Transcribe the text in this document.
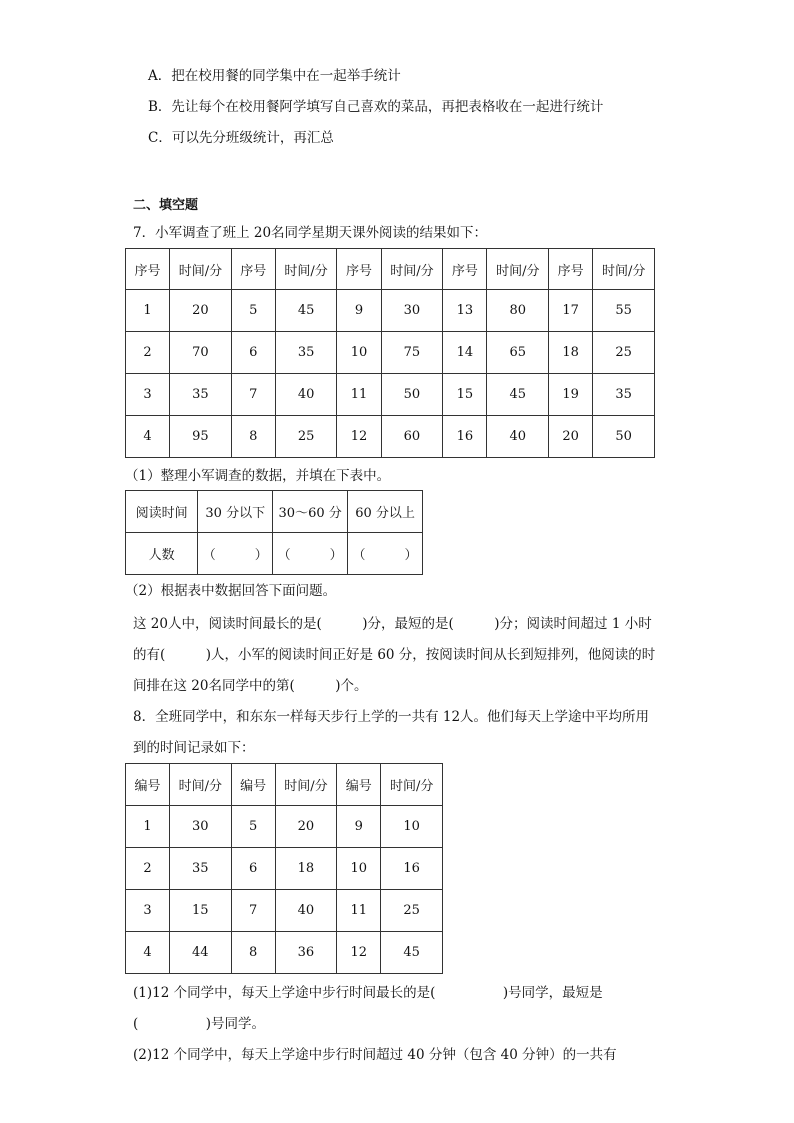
A．把在校用餐的同学集中在一起举手统计
B．先让每个在校用餐阿学填写自己喜欢的菜品，再把表格收在一起进行统计
C．可以先分班级统计，再汇总
二、填空题
7．小军调查了班上 20名同学星期天课外阅读的结果如下：
序号	时间/分	序号	时间/分	序号	时间/分	序号	时间/分	序号	时间/分
1	20	5	45	9	30	13	80	17	55
2	70	6	35	10	75	14	65	18	25
3	35	7	40	11	50	15	45	19	35
4	95	8	25	12	60	16	40	20	50
（1）整理小军调查的数据，并填在下表中。
阅读时间	30 分以下	30～60 分	60 分以上
人数	（　　　）	（　　　）	（　　　）
（2）根据表中数据回答下面问题。
这 20人中，阅读时间最长的是(　　　)分，最短的是(　　　)分；阅读时间超过 1 小时
的有(　　　)人，小军的阅读时间正好是 60 分，按阅读时间从长到短排列，他阅读的时
间排在这 20名同学中的第(　　　)个。
8．全班同学中，和东东一样每天步行上学的一共有 12人。他们每天上学途中平均所用
到的时间记录如下：
编号	时间/分	编号	时间/分	编号	时间/分
1	30	5	20	9	10
2	35	6	18	10	16
3	15	7	40	11	25
4	44	8	36	12	45
(1)12 个同学中，每天上学途中步行时间最长的是(　　　　　)号同学，最短是
(　　　　　)号同学。
(2)12 个同学中，每天上学途中步行时间超过 40 分钟（包含 40 分钟）的一共有
